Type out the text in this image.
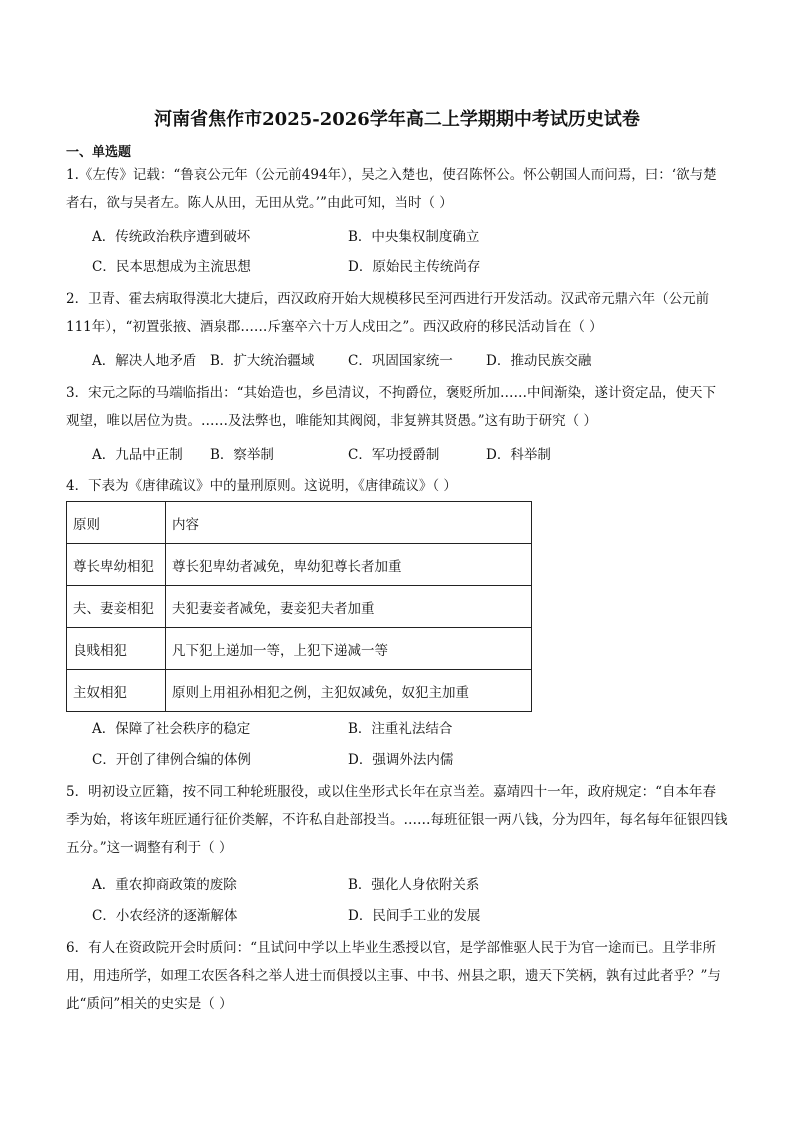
河南省焦作市2025-2026学年高二上学期期中考试历史试卷
一、单选题
1.《左传》记载：“鲁哀公元年（公元前494年），吴之入楚也，使召陈怀公。怀公朝国人而问焉，曰：‘欲与楚者右，欲与吴者左。陈人从田，无田从党。’”由此可知，当时（ ）
A．传统政治秩序遭到破坏	B．中央集权制度确立
C．民本思想成为主流思想	D．原始民主传统尚存
2．卫青、霍去病取得漠北大捷后，西汉政府开始大规模移民至河西进行开发活动。汉武帝元鼎六年（公元前111年），“初置张掖、酒泉郡……斥塞卒六十万人戍田之”。西汉政府的移民活动旨在（ ）
A．解决人地矛盾 B．扩大统治疆域 C．巩固国家统一 D．推动民族交融
3．宋元之际的马端临指出：“其始造也，乡邑清议，不拘爵位，褒贬所加……中间渐染，遂计资定品，使天下观望，唯以居位为贵。……及法弊也，唯能知其阀阅，非复辨其贤愚。”这有助于研究（ ）
A．九品中正制 B．察举制	C．军功授爵制	D．科举制
4．下表为《唐律疏议》中的量刑原则。这说明，《唐律疏议》（ ）
原则	内容
尊长卑幼相犯	尊长犯卑幼者减免，卑幼犯尊长者加重
夫、妻妾相犯	夫犯妻妾者减免，妻妾犯夫者加重
良贱相犯	凡下犯上递加一等，上犯下递减一等
主奴相犯	原则上用祖孙相犯之例，主犯奴减免，奴犯主加重
A．保障了社会秩序的稳定	B．注重礼法结合
C．开创了律例合编的体例	D．强调外法内儒
5．明初设立匠籍，按不同工种轮班服役，或以住坐形式长年在京当差。嘉靖四十一年，政府规定：“自本年春季为始，将该年班匠通行征价类解，不许私自赴部投当。……每班征银一两八钱，分为四年，每名每年征银四钱五分。”这一调整有利于（ ）
A．重农抑商政策的废除	B．强化人身依附关系
C．小农经济的逐渐解体	D．民间手工业的发展
6．有人在资政院开会时质问：“且试问中学以上毕业生悉授以官，是学部惟驱人民于为官一途而已。且学非所用，用违所学，如理工农医各科之举人进士而俱授以主事、中书、州县之职，遗天下笑柄，孰有过此者乎？”与此“质问”相关的史实是（ ）
